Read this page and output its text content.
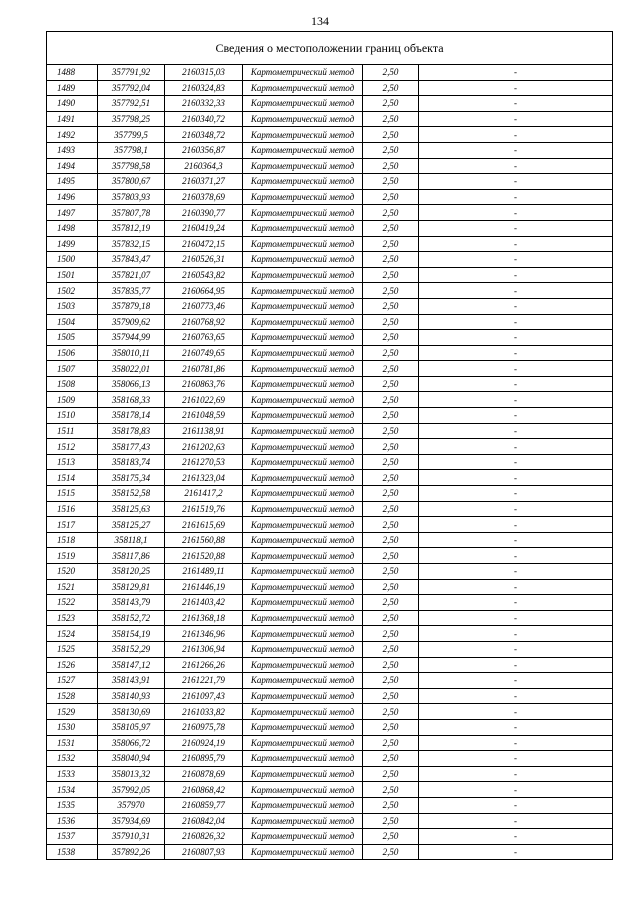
134
Сведения о местоположении границ объекта					
1488	357791,92	2160315,03	Картометрический метод	2,50	-
1489	357792,04	2160324,83	Картометрический метод	2,50	-
1490	357792,51	2160332,33	Картометрический метод	2,50	-
1491	357798,25	2160340,72	Картометрический метод	2,50	-
1492	357799,5	2160348,72	Картометрический метод	2,50	-
1493	357798,1	2160356,87	Картометрический метод	2,50	-
1494	357798,58	2160364,3	Картометрический метод	2,50	-
1495	357800,67	2160371,27	Картометрический метод	2,50	-
1496	357803,93	2160378,69	Картометрический метод	2,50	-
1497	357807,78	2160390,77	Картометрический метод	2,50	-
1498	357812,19	2160419,24	Картометрический метод	2,50	-
1499	357832,15	2160472,15	Картометрический метод	2,50	-
1500	357843,47	2160526,31	Картометрический метод	2,50	-
1501	357821,07	2160543,82	Картометрический метод	2,50	-
1502	357835,77	2160664,95	Картометрический метод	2,50	-
1503	357879,18	2160773,46	Картометрический метод	2,50	-
1504	357909,62	2160768,92	Картометрический метод	2,50	-
1505	357944,99	2160763,65	Картометрический метод	2,50	-
1506	358010,11	2160749,65	Картометрический метод	2,50	-
1507	358022,01	2160781,86	Картометрический метод	2,50	-
1508	358066,13	2160863,76	Картометрический метод	2,50	-
1509	358168,33	2161022,69	Картометрический метод	2,50	-
1510	358178,14	2161048,59	Картометрический метод	2,50	-
1511	358178,83	2161138,91	Картометрический метод	2,50	-
1512	358177,43	2161202,63	Картометрический метод	2,50	-
1513	358183,74	2161270,53	Картометрический метод	2,50	-
1514	358175,34	2161323,04	Картометрический метод	2,50	-
1515	358152,58	2161417,2	Картометрический метод	2,50	-
1516	358125,63	2161519,76	Картометрический метод	2,50	-
1517	358125,27	2161615,69	Картометрический метод	2,50	-
1518	358118,1	2161560,88	Картометрический метод	2,50	-
1519	358117,86	2161520,88	Картометрический метод	2,50	-
1520	358120,25	2161489,11	Картометрический метод	2,50	-
1521	358129,81	2161446,19	Картометрический метод	2,50	-
1522	358143,79	2161403,42	Картометрический метод	2,50	-
1523	358152,72	2161368,18	Картометрический метод	2,50	-
1524	358154,19	2161346,96	Картометрический метод	2,50	-
1525	358152,29	2161306,94	Картометрический метод	2,50	-
1526	358147,12	2161266,26	Картометрический метод	2,50	-
1527	358143,91	2161221,79	Картометрический метод	2,50	-
1528	358140,93	2161097,43	Картометрический метод	2,50	-
1529	358130,69	2161033,82	Картометрический метод	2,50	-
1530	358105,97	2160975,78	Картометрический метод	2,50	-
1531	358066,72	2160924,19	Картометрический метод	2,50	-
1532	358040,94	2160895,79	Картометрический метод	2,50	-
1533	358013,32	2160878,69	Картометрический метод	2,50	-
1534	357992,05	2160868,42	Картометрический метод	2,50	-
1535	357970	2160859,77	Картометрический метод	2,50	-
1536	357934,69	2160842,04	Картометрический метод	2,50	-
1537	357910,31	2160826,32	Картометрический метод	2,50	-
1538	357892,26	2160807,93	Картометрический метод	2,50	-
